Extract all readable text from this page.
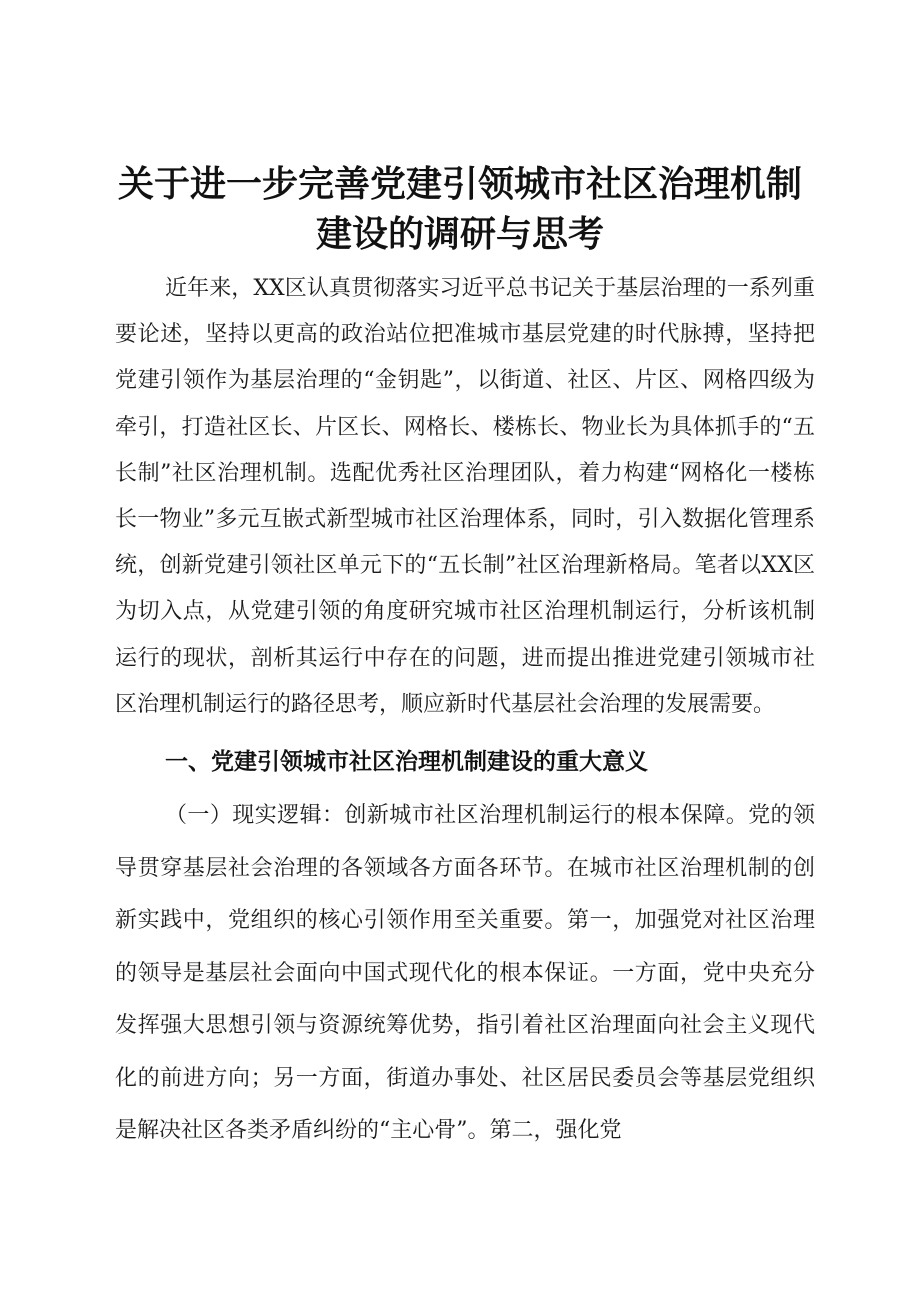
关于进一步完善党建引领城市社区治理机制建设的调研与思考

近年来，XX区认真贯彻落实习近平总书记关于基层治理的一系列重要论述，坚持以更高的政治站位把准城市基层党建的时代脉搏，坚持把党建引领作为基层治理的“金钥匙”，以街道、社区、片区、网格四级为牵引，打造社区长、片区长、网格长、楼栋长、物业长为具体抓手的“五长制”社区治理机制。选配优秀社区治理团队，着力构建“网格化一楼栋长一物业”多元互嵌式新型城市社区治理体系，同时，引入数据化管理系统，创新党建引领社区单元下的“五长制”社区治理新格局。笔者以XX区为切入点，从党建引领的角度研究城市社区治理机制运行，分析该机制运行的现状，剖析其运行中存在的问题，进而提出推进党建引领城市社区治理机制运行的路径思考，顺应新时代基层社会治理的发展需要。

一、党建引领城市社区治理机制建设的重大意义

（一）现实逻辑：创新城市社区治理机制运行的根本保障。党的领导贯穿基层社会治理的各领域各方面各环节。在城市社区治理机制的创新实践中，党组织的核心引领作用至关重要。第一，加强党对社区治理的领导是基层社会面向中国式现代化的根本保证。一方面，党中央充分发挥强大思想引领与资源统筹优势，指引着社区治理面向社会主义现代化的前进方向；另一方面，街道办事处、社区居民委员会等基层党组织是解决社区各类矛盾纠纷的“主心骨”。第二，强化党
